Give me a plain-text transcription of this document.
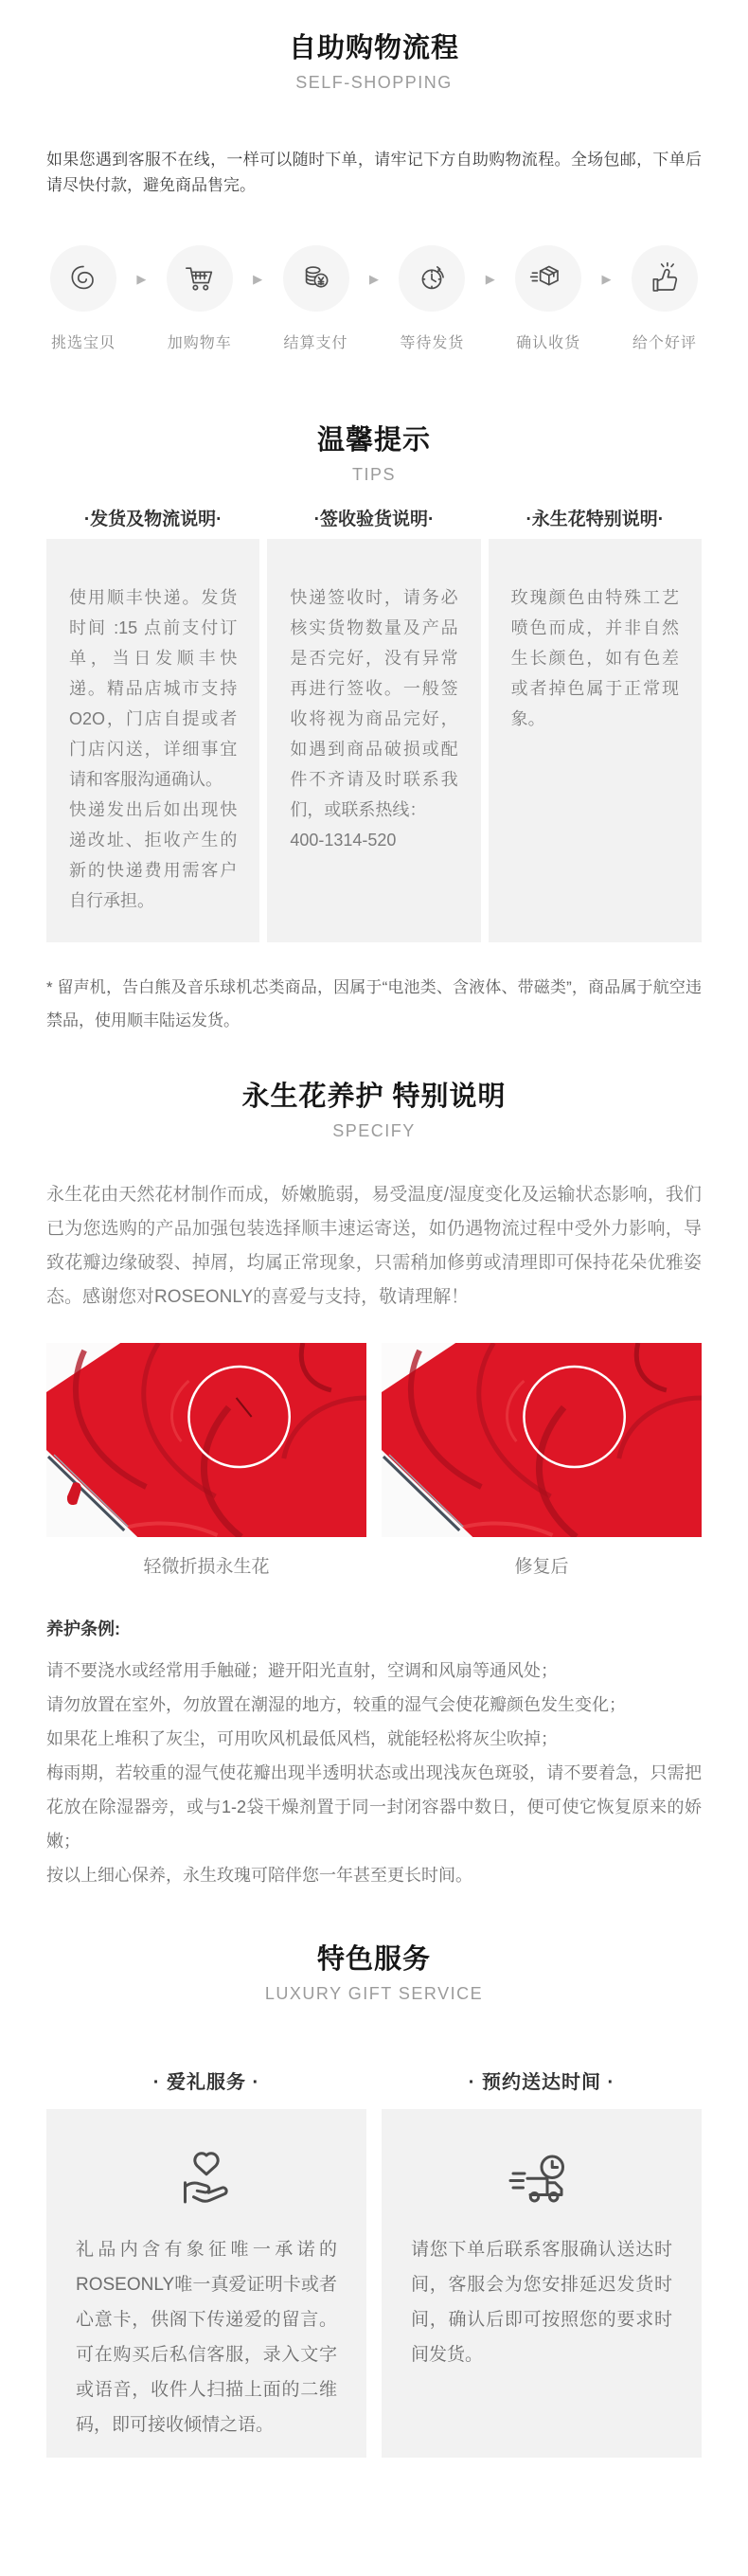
自助购物流程
SELF-SHOPPING

如果您遇到客服不在线，一样可以随时下单，请牢记下方自助购物流程。全场包邮，下单后请尽快付款，避免商品售完。

挑选宝贝
▶
加购物车
▶
结算支付
▶
等待发货
▶
确认收货
▶
给个好评
温馨提示
TIPS
·发货及物流说明·

使用顺丰快递。发货时间 :15 点前支付订单，当日发顺丰快递。精品店城市支持 O2O，门店自提或者门店闪送，详细事宜请和客服沟通确认。

快递发出后如出现快递改址、拒收产生的新的快递费用需客户自行承担。

·签收验货说明·

快递签收时，请务必核实货物数量及产品是否完好，没有异常再进行签收。一般签收将视为商品完好，如遇到商品破损或配件不齐请及时联系我们，或联系热线：

400-1314-520

·永生花特别说明·

玫瑰颜色由特殊工艺喷色而成，并非自然生长颜色，如有色差或者掉色属于正常现象。

* 留声机，告白熊及音乐球机芯类商品，因属于“电池类、含液体、带磁类”，商品属于航空违禁品，使用顺丰陆运发货。

永生花养护 特别说明
SPECIFY

永生花由天然花材制作而成，娇嫩脆弱，易受温度/湿度变化及运输状态影响，我们已为您选购的产品加强包装选择顺丰速运寄送，如仍遇物流过程中受外力影响，导致花瓣边缘破裂、掉屑，均属正常现象，只需稍加修剪或清理即可保持花朵优雅姿态。感谢您对ROSEONLY的喜爱与支持，敬请理解！

轻微折损永生花	修复后
养护条例:

请不要浇水或经常用手触碰；避开阳光直射，空调和风扇等通风处；

请勿放置在室外，勿放置在潮湿的地方，较重的湿气会使花瓣颜色发生变化；

如果花上堆积了灰尘，可用吹风机最低风档，就能轻松将灰尘吹掉；

梅雨期，若较重的湿气使花瓣出现半透明状态或出现浅灰色斑驳，请不要着急，只需把花放在除湿器旁，或与1-2袋干燥剂置于同一封闭容器中数日，便可使它恢复原来的娇嫩；

按以上细心保养，永生玫瑰可陪伴您一年甚至更长时间。

特色服务
LUXURY GIFT SERVICE
· 爱礼服务 ·

礼品内含有象征唯一承诺的ROSEONLY唯一真爱证明卡或者心意卡，供阁下传递爱的留言。可在购买后私信客服，录入文字或语音，收件人扫描上面的二维码，即可接收倾情之语。

· 预约送达时间 ·

请您下单后联系客服确认送达时间，客服会为您安排延迟发货时间，确认后即可按照您的要求时间发货。
